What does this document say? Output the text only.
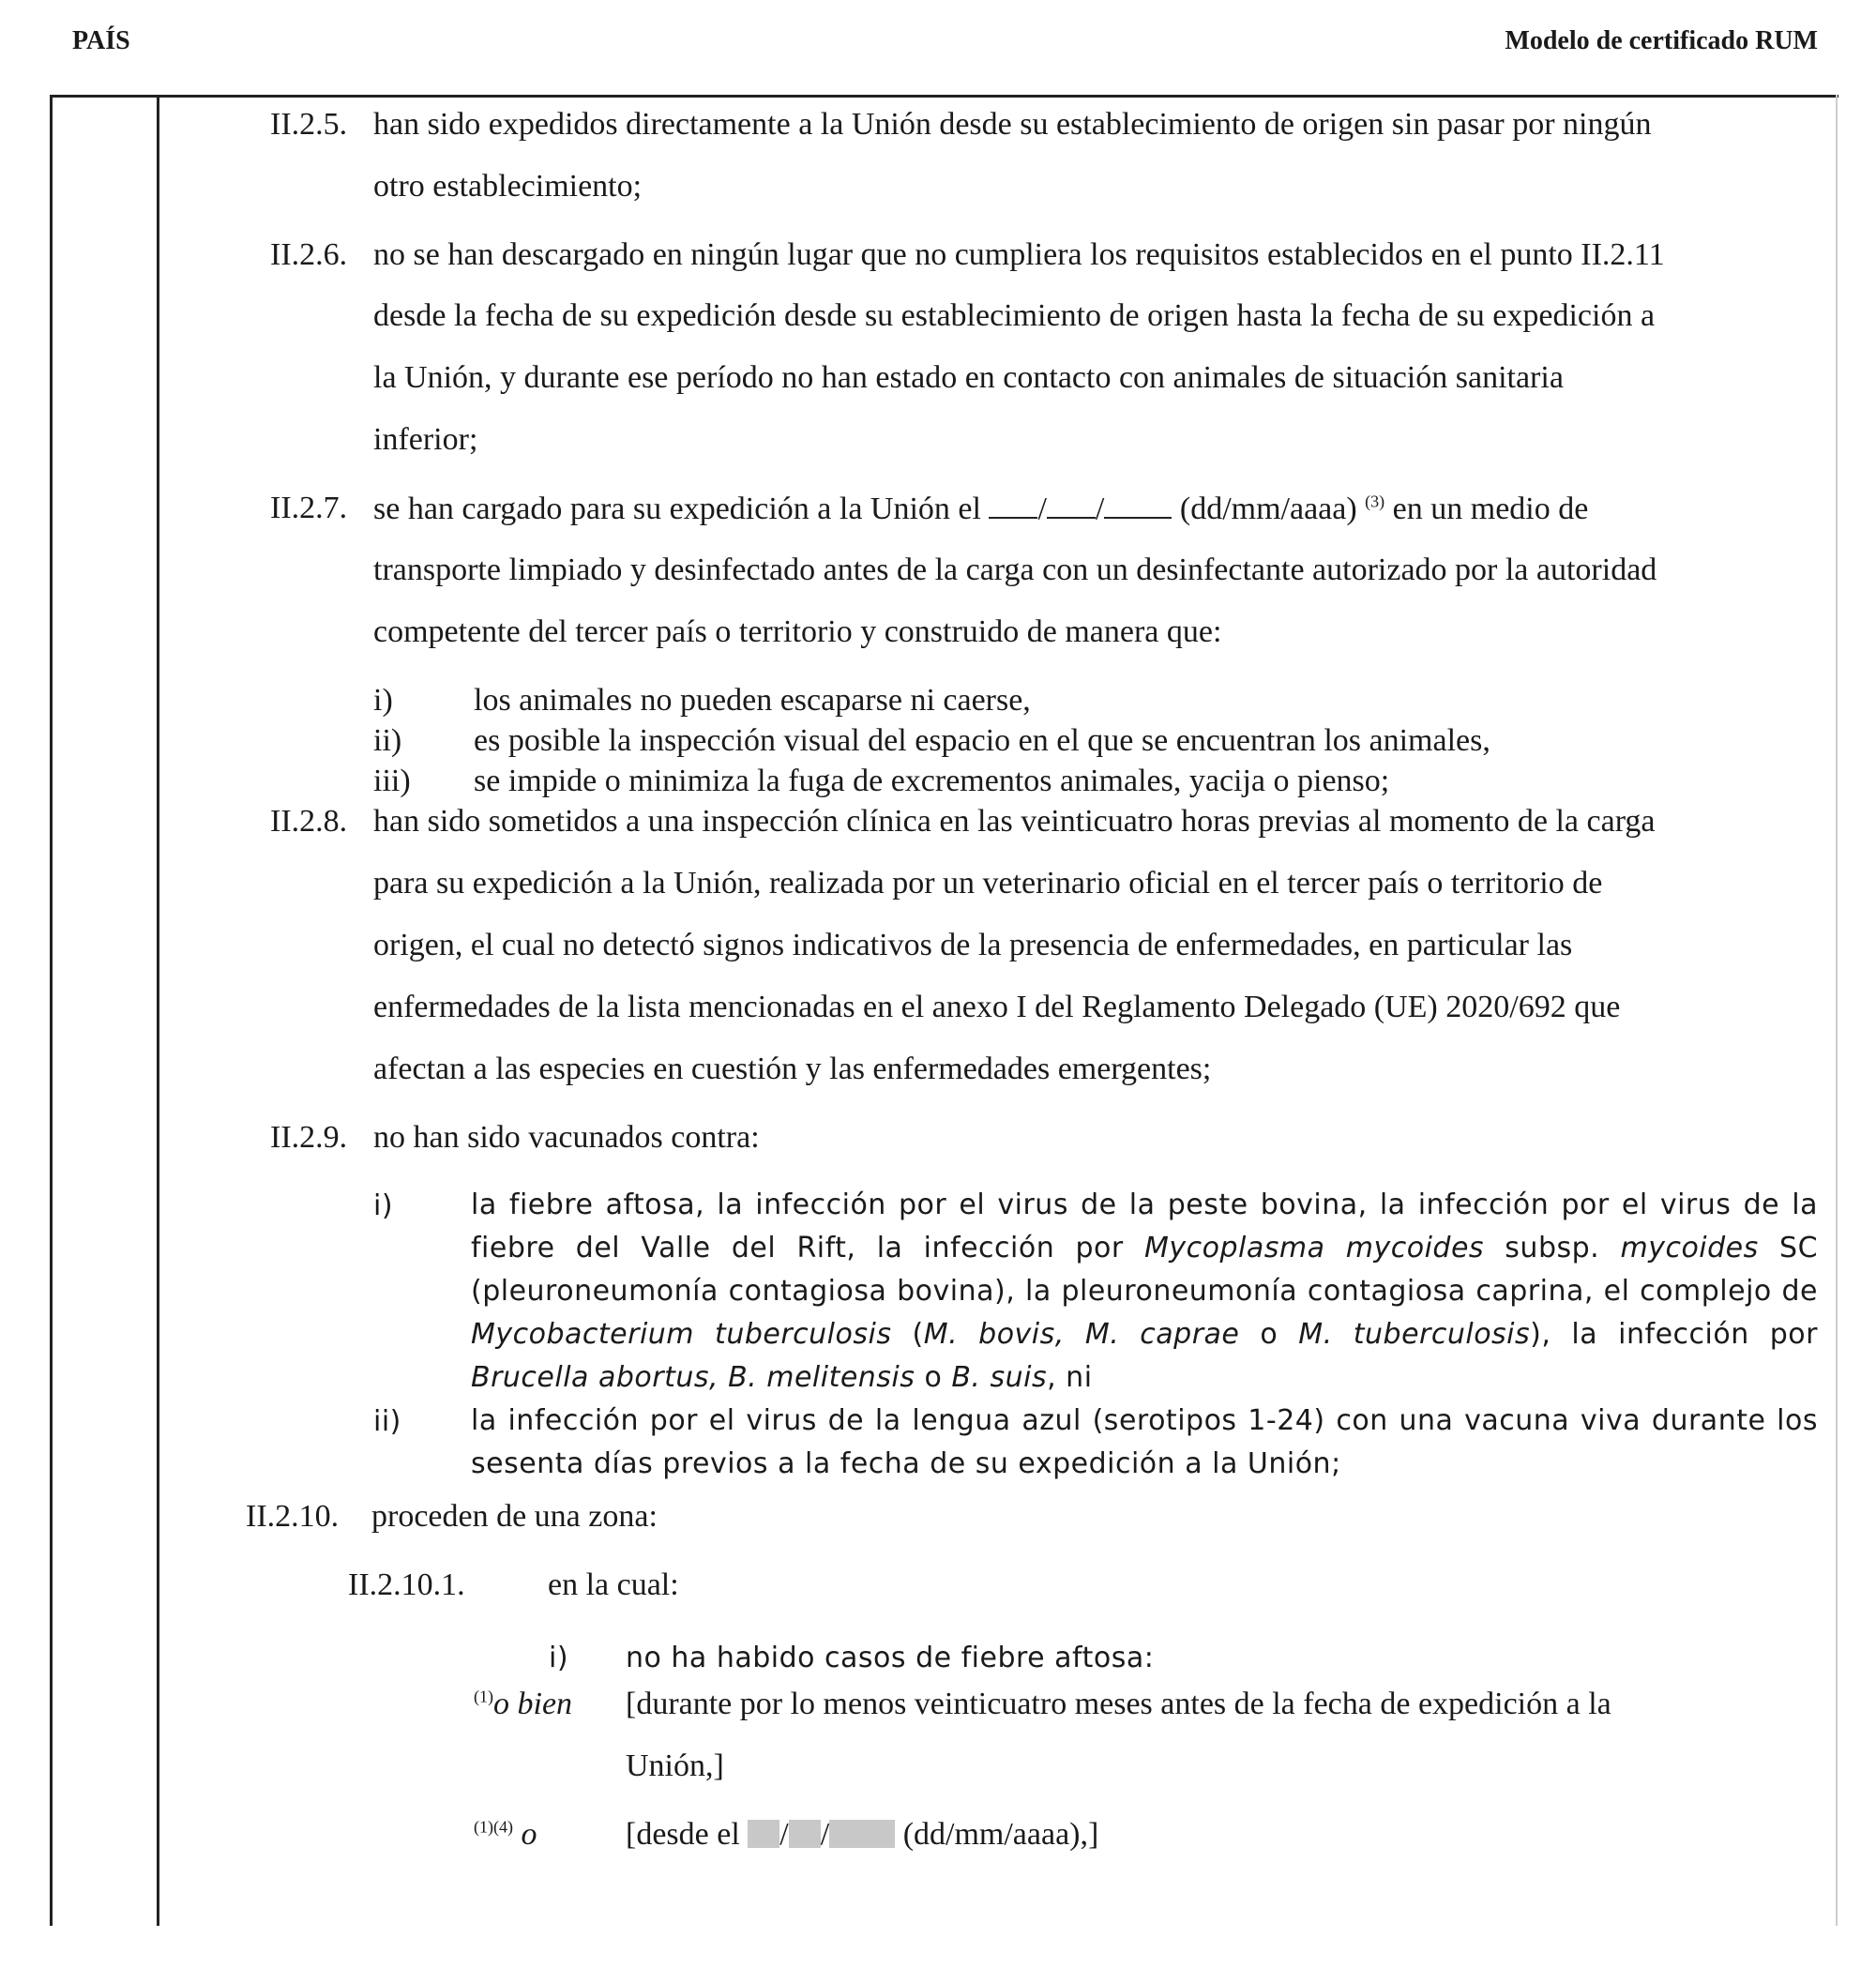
PAÍS	Modelo de certificado RUM
II.2.5. han sido expedidos directamente a la Unión desde su establecimiento de origen sin pasar por ningún
otro establecimiento;
II.2.6. no se han descargado en ningún lugar que no cumpliera los requisitos establecidos en el punto II.2.11
desde la fecha de su expedición desde su establecimiento de origen hasta la fecha de su expedición a
la Unión, y durante ese período no han estado en contacto con animales de situación sanitaria
inferior;
II.2.7. se han cargado para su expedición a la Unión el / / (dd/mm/aaaa) $^{(3)}$ en un medio de
transporte limpiado y desinfectado antes de la carga con un desinfectante autorizado por la autoridad
competente del tercer país o territorio y construido de manera que:
i)	los animales no pueden escaparse ni caerse,
ii) es posible la inspección visual del espacio en el que se encuentran los animales,
iii) se impide o minimiza la fuga de excrementos animales, yacija o pienso;
II.2.8. han sido sometidos a una inspección clínica en las veinticuatro horas previas al momento de la carga
para su expedición a la Unión, realizada por un veterinario oficial en el tercer país o territorio de
origen, el cual no detectó signos indicativos de la presencia de enfermedades, en particular las
enfermedades de la lista mencionadas en el anexo I del Reglamento Delegado (UE) 2020/692 que
afectan a las especies en cuestión y las enfermedades emergentes;
II.2.9. no han sido vacunados contra:
i)	la fiebre aftosa, la infección por el virus de la peste bovina, la infección por el virus de la fiebre del Valle del Rift, la infección por Mycoplasma mycoides subsp. mycoides SC (pleuroneumonía contagiosa bovina), la pleuroneumonía contagiosa caprina, el complejo de Mycobacterium tuberculosis (M. bovis, M. caprae o M. tuberculosis), la infección por Brucella abortus, B. melitensis o B. suis, ni
ii) la infección por el virus de la lengua azul (serotipos 1-24) con una vacuna viva durante los sesenta días previos a la fecha de su expedición a la Unión;
II.2.10. proceden de una zona:
II.2.10.1.	en la cual:
i) no ha habido casos de fiebre aftosa:
$^{(1)}$o bien [durante por lo menos veinticuatro meses antes de la fecha de expedición a la
Unión,]
$^{(1)(4)}$ o	[desde el / / (dd/mm/aaaa),]
